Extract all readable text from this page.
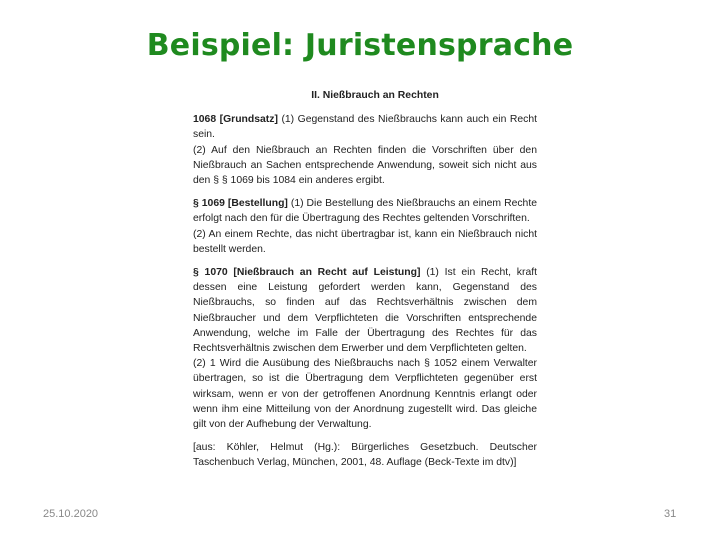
Beispiel: Juristensprache
II. Nießbrauch an Rechten

1068 [Grundsatz] (1) Gegenstand des Nießbrauchs kann auch ein Recht sein.

(2) Auf den Nießbrauch an Rechten finden die Vorschriften über den Nießbrauch an Sachen entsprechende Anwendung, soweit sich nicht aus den § § 1069 bis 1084 ein anderes ergibt.

§ 1069 [Bestellung] (1) Die Bestellung des Nießbrauchs an einem Rechte erfolgt nach den für die Übertragung des Rechtes geltenden Vorschriften.

(2) An einem Rechte, das nicht übertragbar ist, kann ein Nießbrauch nicht bestellt werden.

§ 1070 [Nießbrauch an Recht auf Leistung] (1) Ist ein Recht, kraft dessen eine Leistung gefordert werden kann, Gegenstand des Nießbrauchs, so finden auf das Rechtsverhältnis zwischen dem Nießbraucher und dem Verpflichteten die Vorschriften entsprechende Anwendung, welche im Falle der Übertragung des Rechtes für das Rechtsverhältnis zwischen dem Erwerber und dem Verpflichteten gelten.

(2) 1 Wird die Ausübung des Nießbrauchs nach § 1052 einem Verwalter übertragen, so ist die Übertragung dem Verpflichteten gegenüber erst wirksam, wenn er von der getroffenen Anordnung Kenntnis erlangt oder wenn ihm eine Mitteilung von der Anordnung zugestellt wird. Das gleiche gilt von der Aufhebung der Verwaltung.

[aus: Köhler, Helmut (Hg.): Bürgerliches Gesetzbuch. Deutscher Taschenbuch Verlag, München, 2001, 48. Auflage (Beck-Texte im dtv)]

25.10.2020	31
